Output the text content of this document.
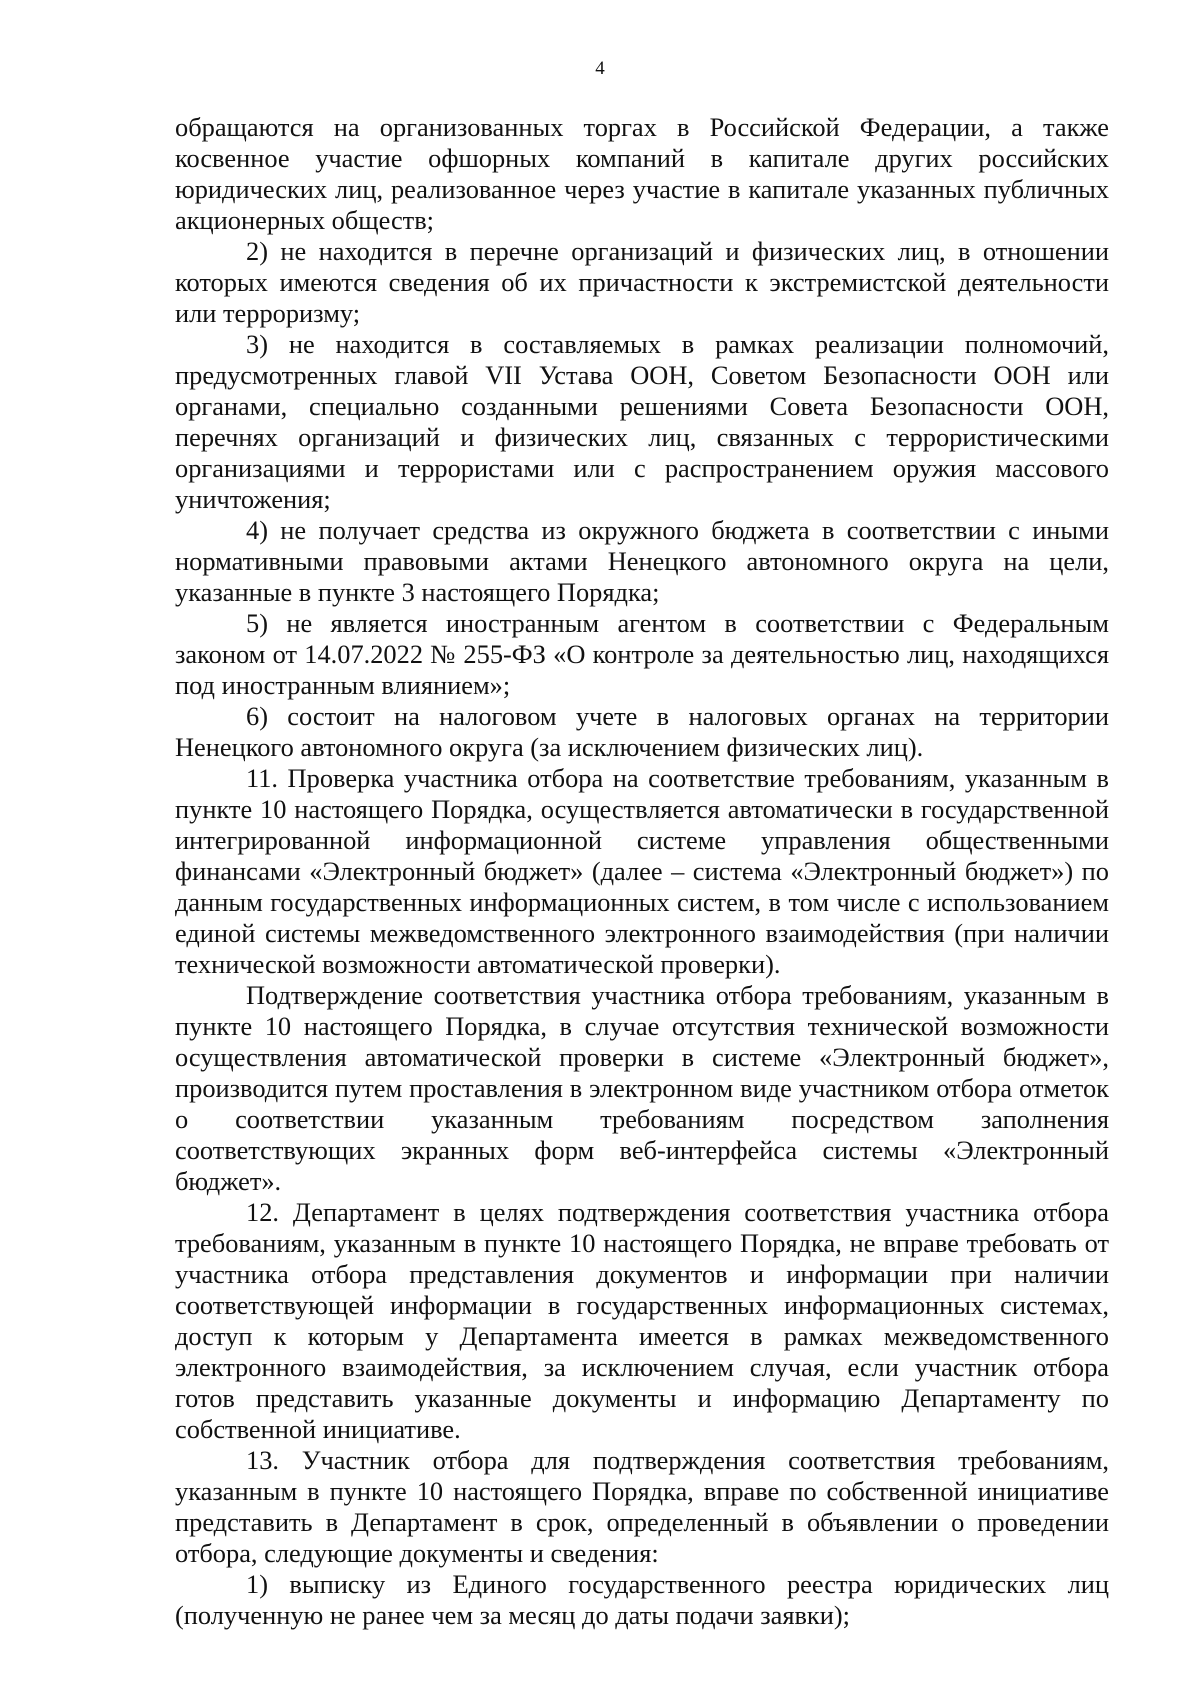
4

обращаются на организованных торгах в Российской Федерации, а также косвенное участие офшорных компаний в капитале других российских юридических лиц, реализованное через участие в капитале указанных публичных акционерных обществ;

2) не находится в перечне организаций и физических лиц, в отношении которых имеются сведения об их причастности к экстремистской деятельности или терроризму;

3) не находится в составляемых в рамках реализации полномочий, предусмотренных главой VII Устава ООН, Советом Безопасности ООН или органами, специально созданными решениями Совета Безопасности ООН, перечнях организаций и физических лиц, связанных с террористическими организациями и террористами или с распространением оружия массового уничтожения;

4) не получает средства из окружного бюджета в соответствии с иными нормативными правовыми актами Ненецкого автономного округа на цели, указанные в пункте 3 настоящего Порядка;

5) не является иностранным агентом в соответствии с Федеральным законом от 14.07.2022 № 255-ФЗ «О контроле за деятельностью лиц, находящихся под иностранным влиянием»;

6) состоит на налоговом учете в налоговых органах на территории Ненецкого автономного округа (за исключением физических лиц).

11. Проверка участника отбора на соответствие требованиям, указанным в пункте 10 настоящего Порядка, осуществляется автоматически в государственной интегрированной информационной системе управления общественными финансами «Электронный бюджет» (далее – система «Электронный бюджет») по данным государственных информационных систем, в том числе с использованием единой системы межведомственного электронного взаимодействия (при наличии технической возможности автоматической проверки).

Подтверждение соответствия участника отбора требованиям, указанным в пункте 10 настоящего Порядка, в случае отсутствия технической возможности осуществления автоматической проверки в системе «Электронный бюджет», производится путем проставления в электронном виде участником отбора отметок о соответствии указанным требованиям посредством заполнения соответствующих экранных форм веб-интерфейса системы «Электронный бюджет».

12. Департамент в целях подтверждения соответствия участника отбора требованиям, указанным в пункте 10 настоящего Порядка, не вправе требовать от участника отбора представления документов и информации при наличии соответствующей информации в государственных информационных системах, доступ к которым у Департамента имеется в рамках межведомственного электронного взаимодействия, за исключением случая, если участник отбора готов представить указанные документы и информацию Департаменту по собственной инициативе.

13. Участник отбора для подтверждения соответствия требованиям, указанным в пункте 10 настоящего Порядка, вправе по собственной инициативе представить в Департамент в срок, определенный в объявлении о проведении отбора, следующие документы и сведения:

1) выписку из Единого государственного реестра юридических лиц (полученную не ранее чем за месяц до даты подачи заявки);
